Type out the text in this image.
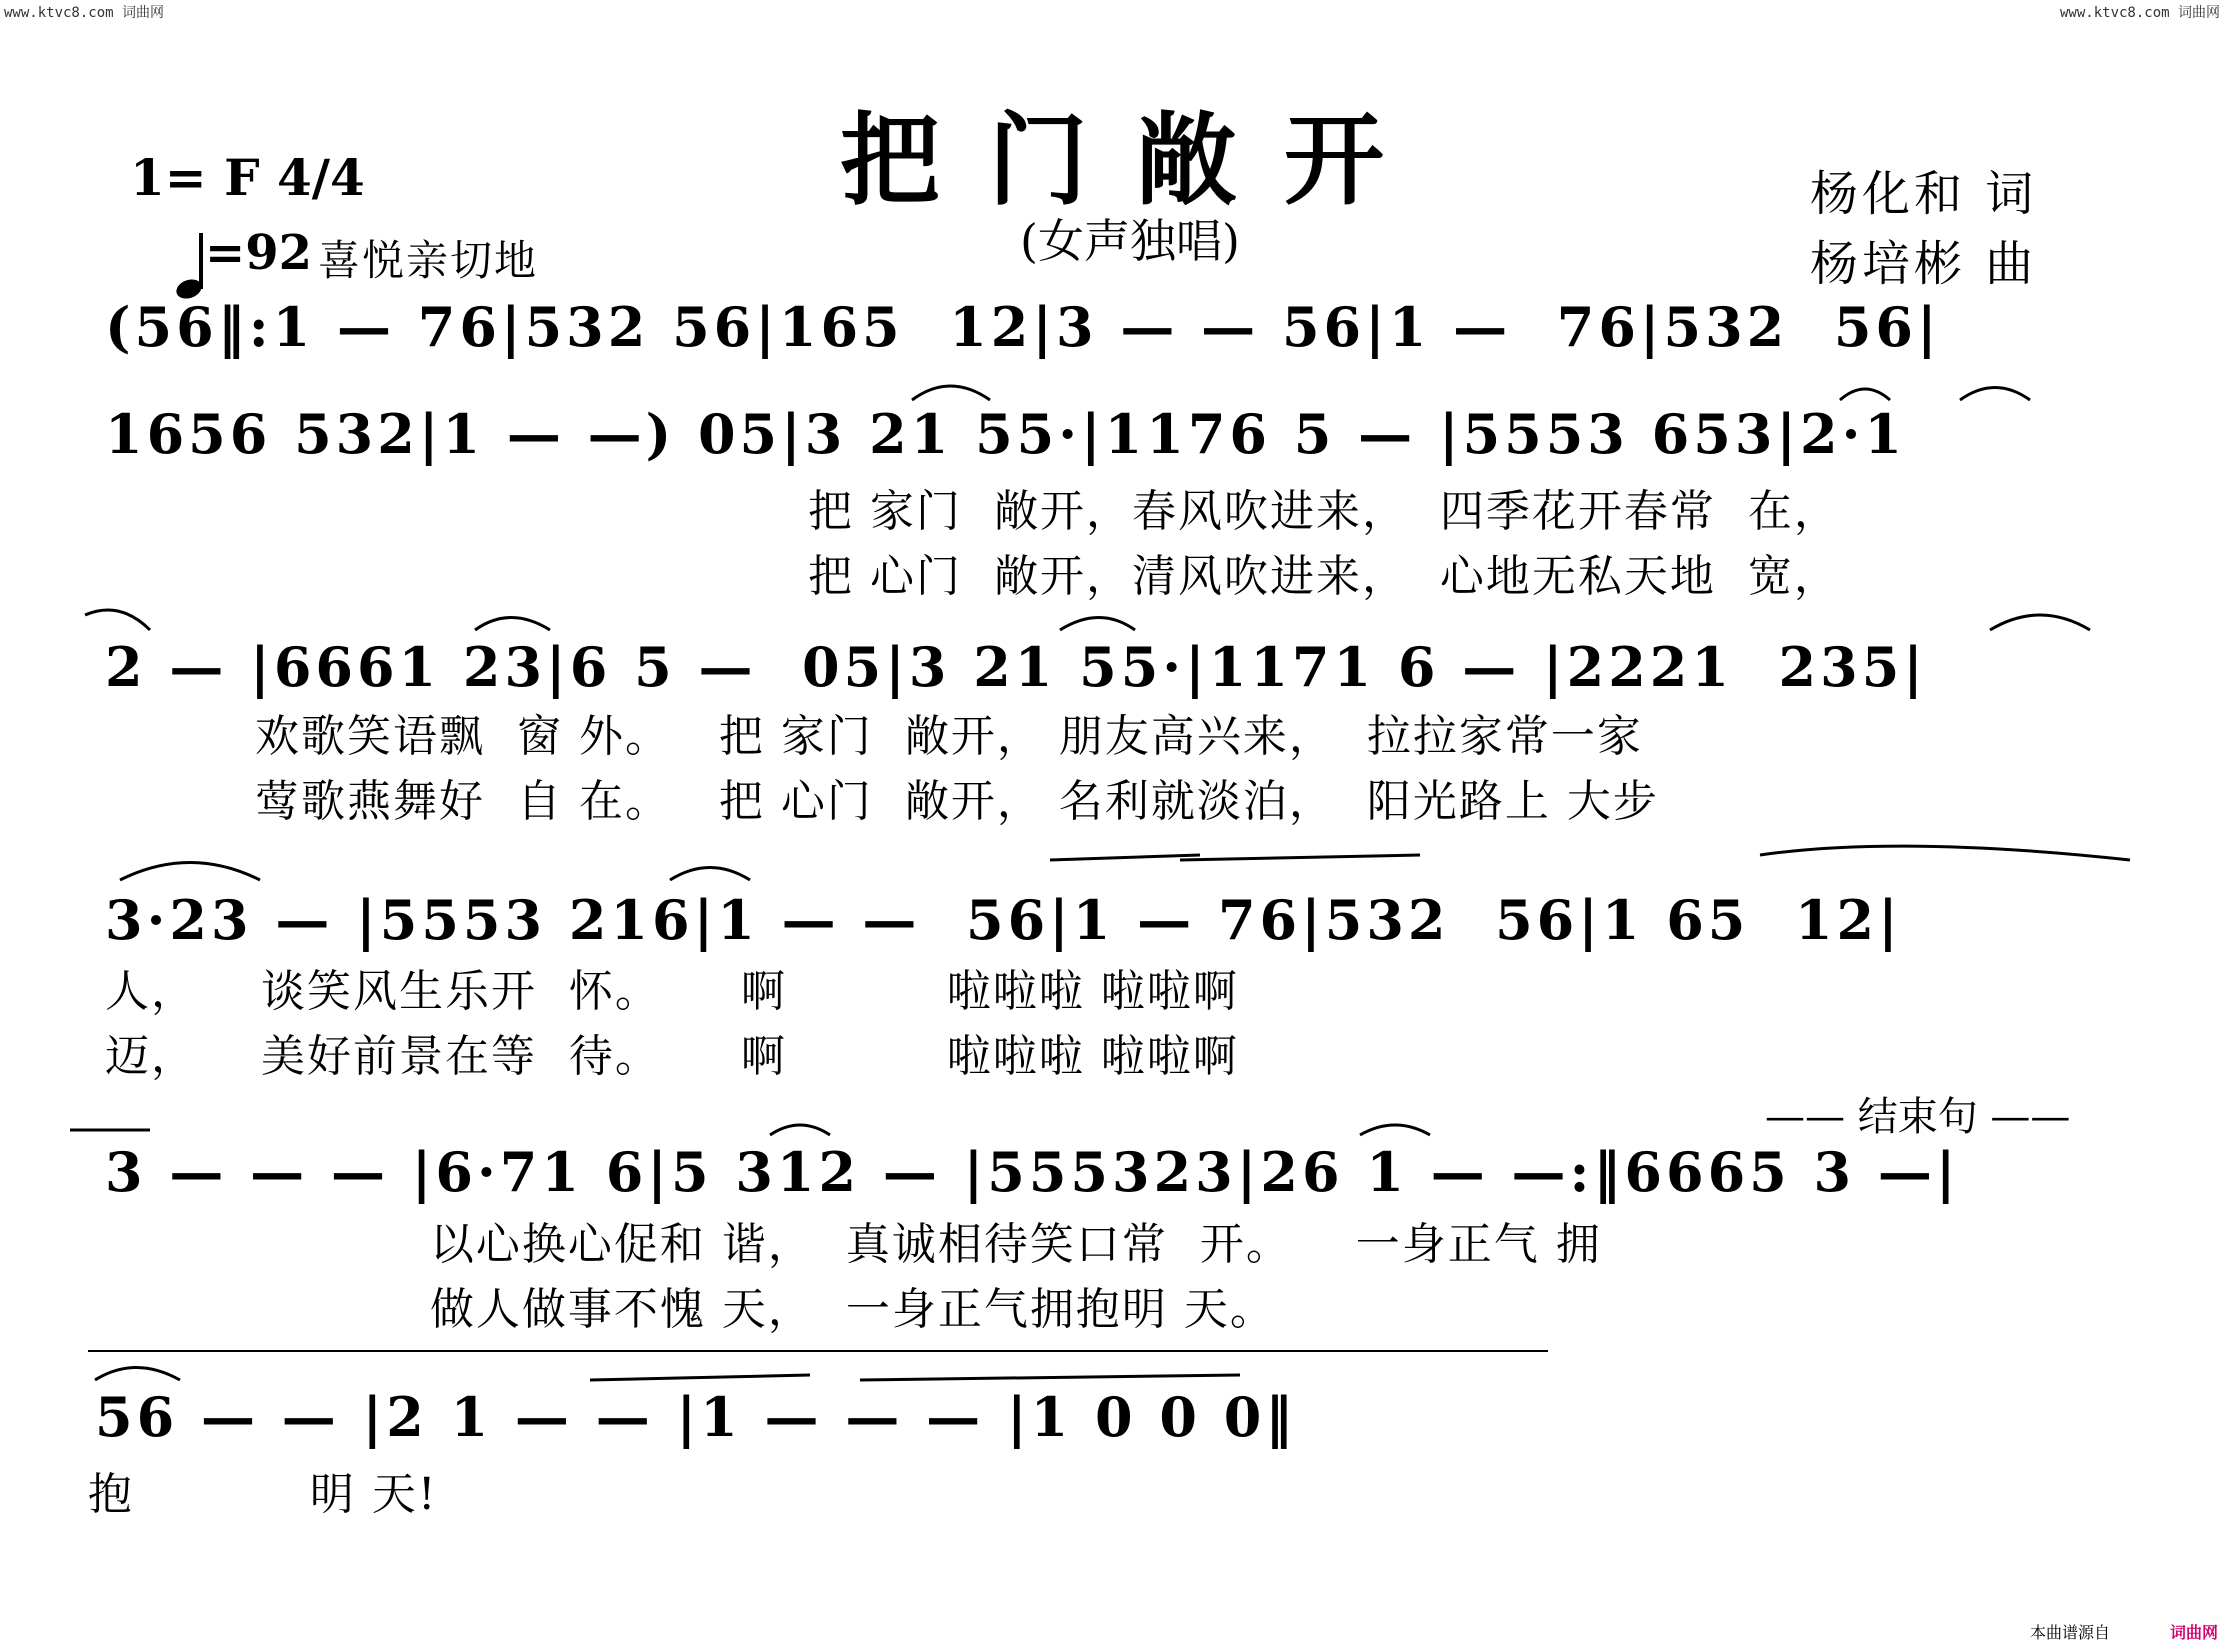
www.ktvc8.com 词曲网	www.ktvc8.com 词曲网
把门敞开
(女声独唱)
1= F 4/4

=92 喜悦亲切地
杨化和 词
杨培彬 曲
(56‖:1 — 76|532 56|165  12|3 — — 56|1 —  76|532  56|
1656 532|1 — —) 05|3 21 55·|1176 5 — |5553 653|2·1
把 家门  敞开，春风吹进来，  四季花开春常  在，
把 心门  敞开，清风吹进来，  心地无私天地  宽，
2 — |6661 23|6 5 —  05|3 21 55·|1171 6 — |2221  235|
欢歌笑语飘  窗 外。   把 家门  敞开， 朋友高兴来，  拉拉家常一家
莺歌燕舞好  自 在。   把 心门  敞开， 名利就淡泊，  阳光路上 大步
3·23 — |5553 216|1 — —  56|1 — 76|532  56|1 65  12|
人，    谈笑风生乐开  怀。     啊          啦啦啦 啦啦啊
迈，    美好前景在等  待。     啊          啦啦啦 啦啦啊
—— 结束句 ——
3 — — — |6·71 6|5 312 — |555323|26 1 — —:‖6665 3 —|
以心换心促和 谐，  真诚相待笑口常  开。    一身正气 拥
做人做事不愧 天，  一身正气拥抱明 天。
56 — — |2 1 — — |1 — — — |1 0 0 0‖
抱           明 天!
本曲谱源自	词曲网
